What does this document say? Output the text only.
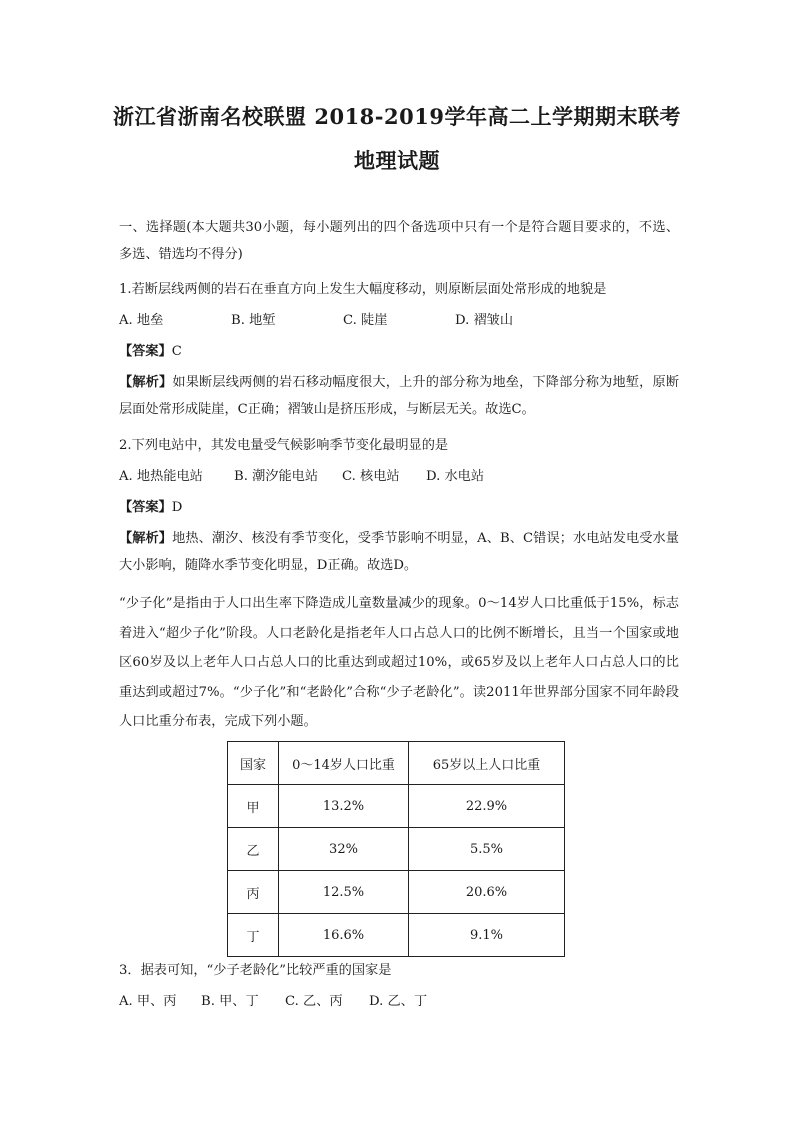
浙江省浙南名校联盟 2018-2019学年高二上学期期末联考
地理试题

一、选择题(本大题共30小题，每小题列出的四个备选项中只有一个是符合题目要求的，不选、多选、错选均不得分)

1.若断层线两侧的岩石在垂直方向上发生大幅度移动，则原断层面处常形成的地貌是

A. 地垒	B. 地堑	C. 陡崖	D. 褶皱山

【答案】C

【解析】如果断层线两侧的岩石移动幅度很大，上升的部分称为地垒，下降部分称为地堑，原断层面处常形成陡崖，C正确；褶皱山是挤压形成，与断层无关。故选C。

2.下列电站中，其发电量受气候影响季节变化最明显的是

A. 地热能电站 B. 潮汐能电站 C. 核电站 D. 水电站

【答案】D

【解析】地热、潮汐、核没有季节变化，受季节影响不明显，A、B、C错误；水电站发电受水量大小影响，随降水季节变化明显，D正确。故选D。

“少子化”是指由于人口出生率下降造成儿童数量减少的现象。0～14岁人口比重低于15%，标志着进入“超少子化”阶段。人口老龄化是指老年人口占总人口的比例不断增长，且当一个国家或地区60岁及以上老年人口占总人口的比重达到或超过10%，或65岁及以上老年人口占总人口的比重达到或超过7%。“少子化”和“老龄化”合称“少子老龄化”。读2011年世界部分国家不同年龄段人口比重分布表，完成下列小题。

国家	0～14岁人口比重	65岁以上人口比重
甲	13.2%	22.9%
乙	32%	5.5%
丙	12.5%	20.6%
丁	16.6%	9.1%

3．据表可知，“少子老龄化”比较严重的国家是

A. 甲、丙 B. 甲、丁 C. 乙、丙 D. 乙、丁
